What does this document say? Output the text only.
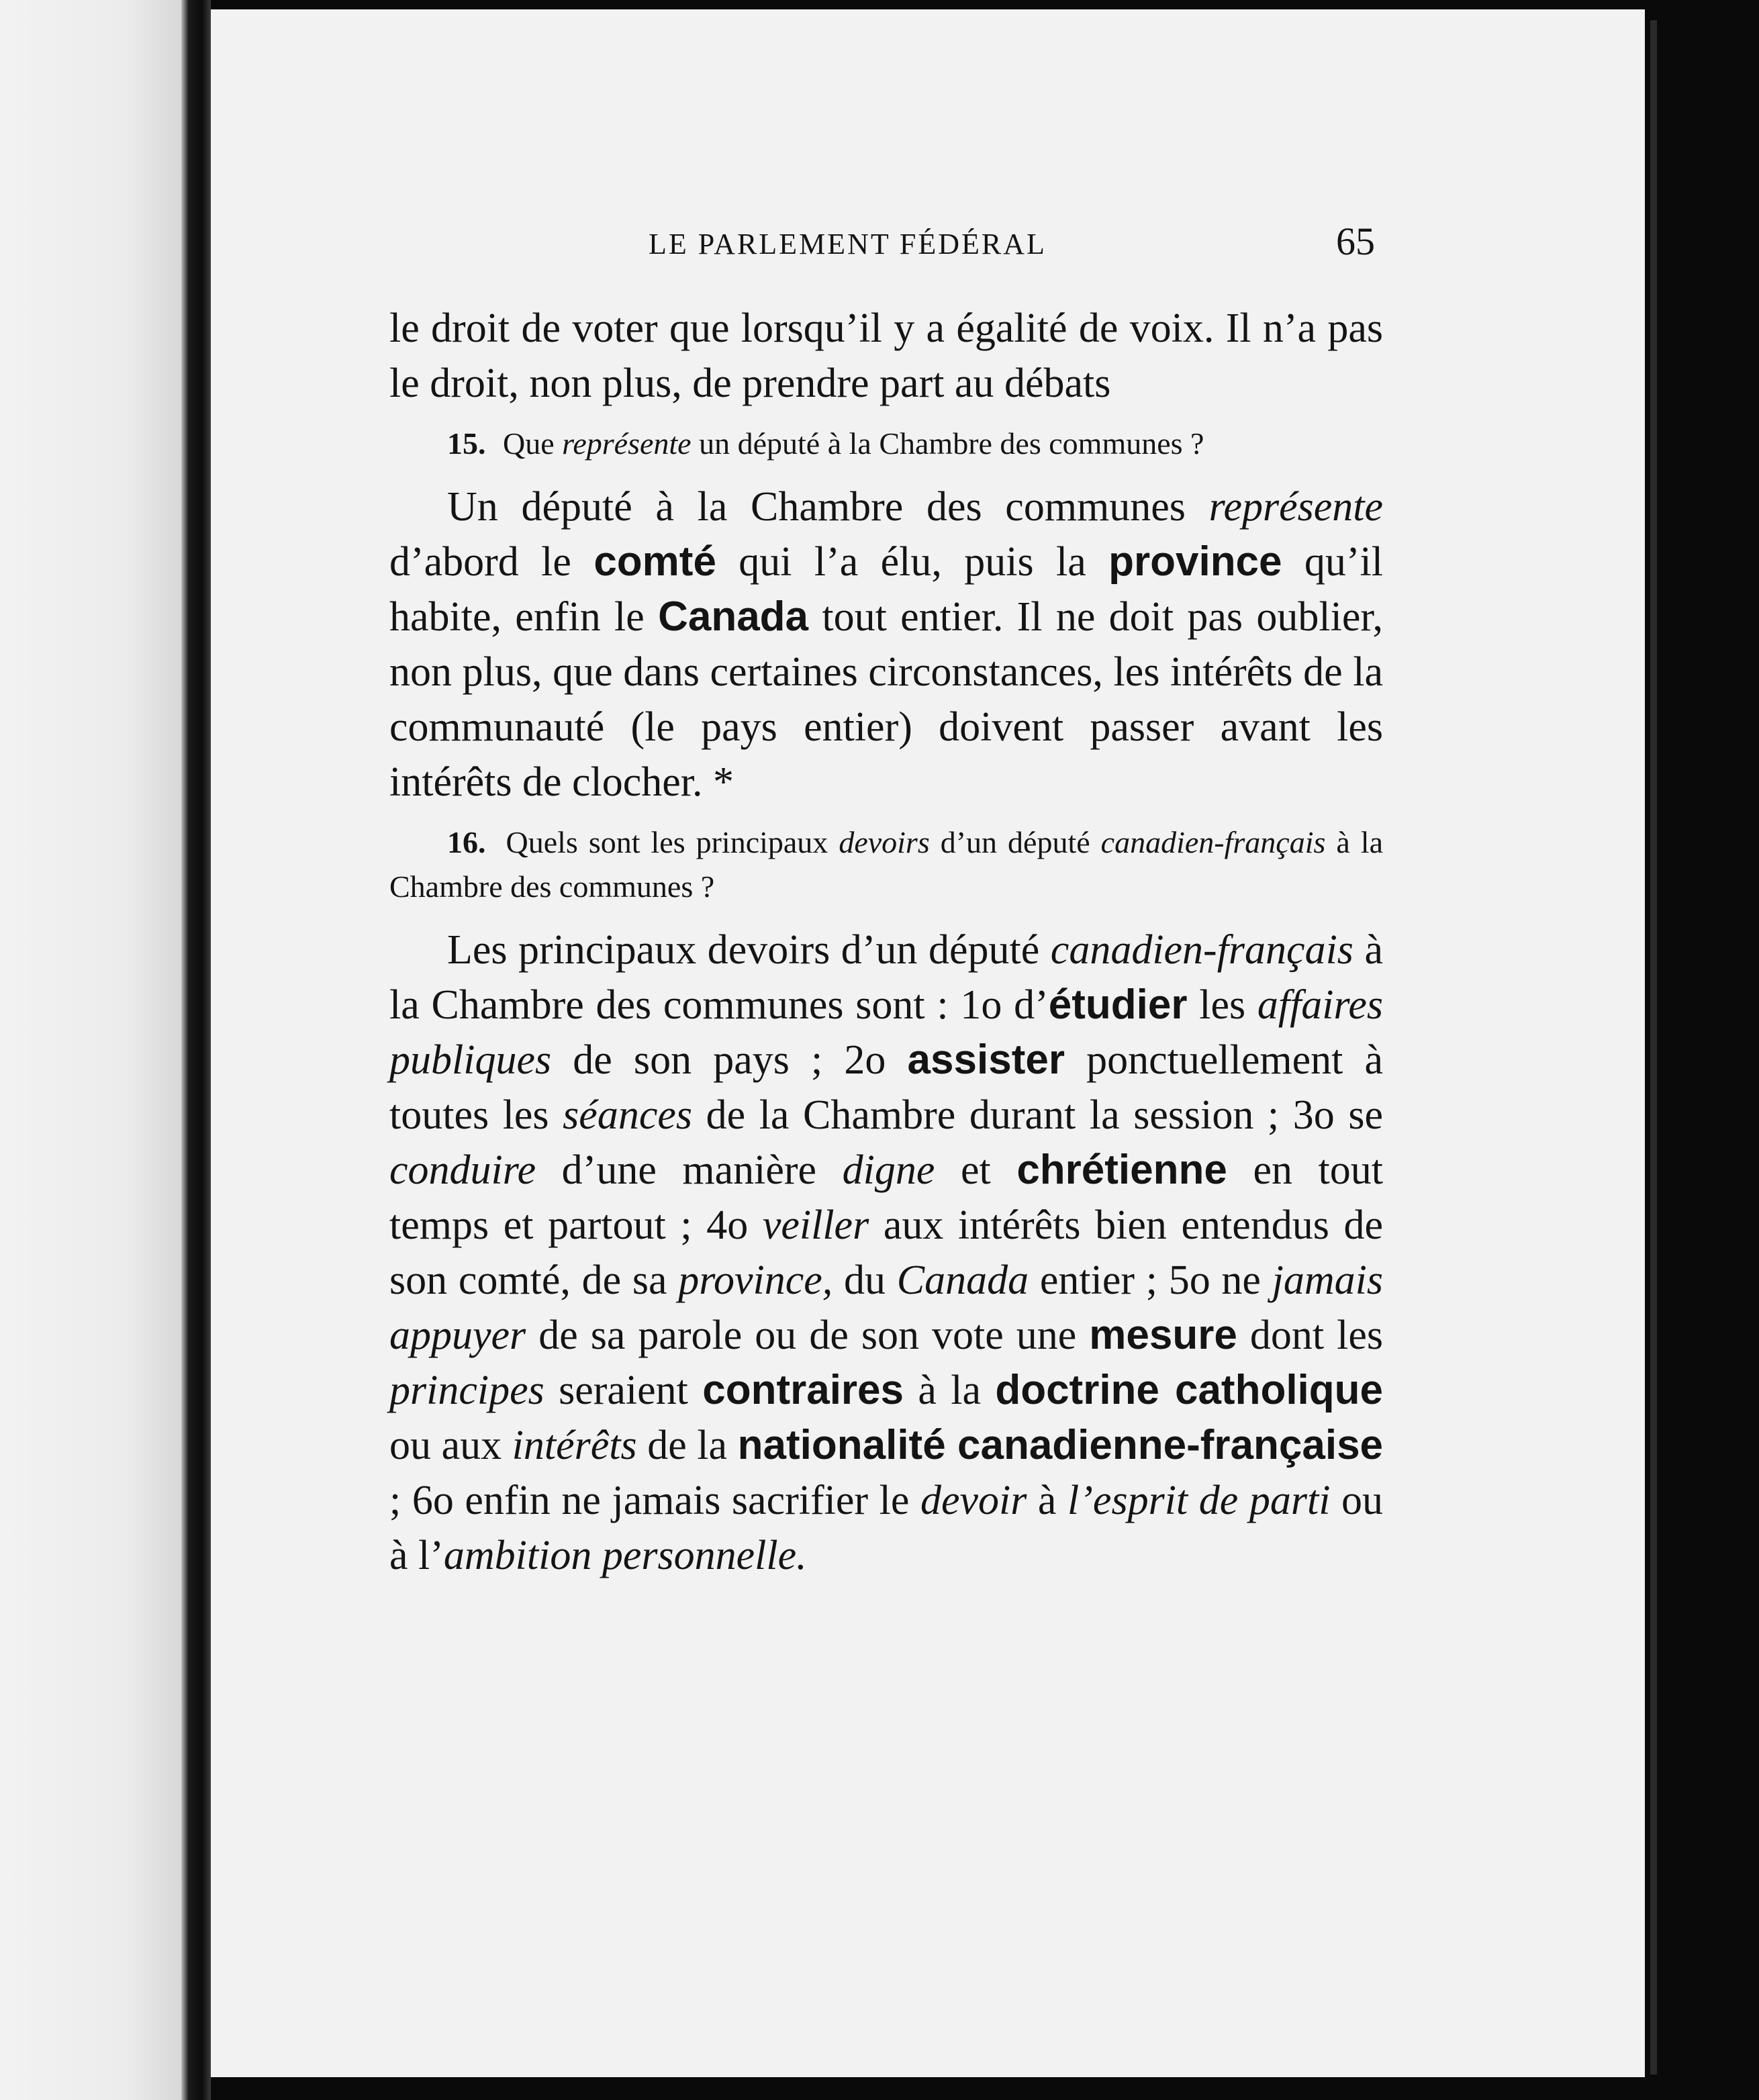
LE PARLEMENT FÉDÉRAL	65

le droit de voter que lorsqu’il y a égalité de voix. Il n’a pas le droit, non plus, de prendre part au débats

15. Que représente un député à la Chambre des communes ?

Un député à la Chambre des communes représente d’abord le comté qui l’a élu, puis la province qu’il habite, enfin le Canada tout entier. Il ne doit pas oublier, non plus, que dans certaines circonstances, les intérêts de la communauté (le pays entier) doivent passer avant les intérêts de clocher. *

16. Quels sont les principaux devoirs d’un député canadien-français à la Chambre des communes ?

Les principaux devoirs d’un député canadien-français à la Chambre des communes sont : 1o d’étudier les affaires publiques de son pays ; 2o assister ponctuellement à toutes les séances de la Chambre durant la session ; 3o se conduire d’une manière digne et chrétienne en tout temps et partout ; 4o veiller aux intérêts bien entendus de son comté, de sa province, du Canada entier ; 5o ne jamais appuyer de sa parole ou de son vote une mesure dont les principes seraient contraires à la doctrine catholique ou aux intérêts de la nationalité canadienne-française ; 6o enfin ne jamais sacrifier le devoir à l’esprit de parti ou à l’ambition personnelle.
